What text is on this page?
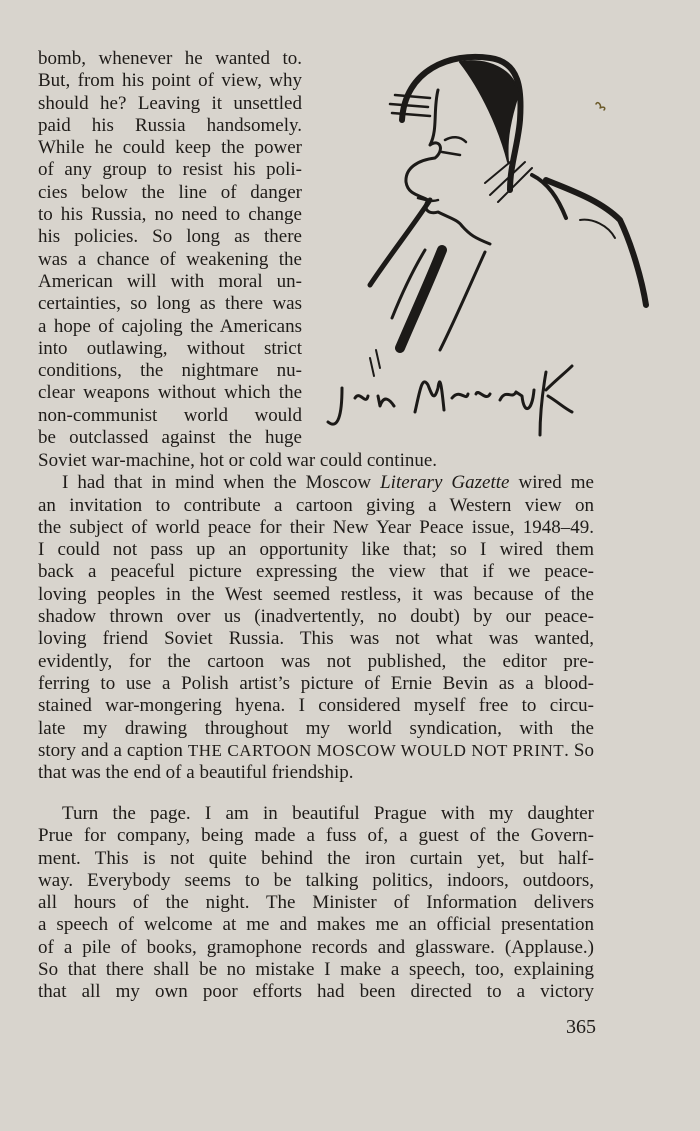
bomb, whenever he wanted to.
But, from his point of view, why
should he? Leaving it unsettled
paid his Russia handsomely.
While he could keep the power
of any group to resist his poli-
cies below the line of danger
to his Russia, no need to change
his policies. So long as there
was a chance of weakening the
American will with moral un-
certainties, so long as there was
a hope of cajoling the Americans
into outlawing, without strict
conditions, the nightmare nu-
clear weapons without which the
non-communist world would
be outclassed against the huge
Soviet war-machine, hot or cold war could continue.
I had that in mind when the Moscow Literary Gazette wired me
an invitation to contribute a cartoon giving a Western view on
the subject of world peace for their New Year Peace issue, 1948–49.
I could not pass up an opportunity like that; so I wired them
back a peaceful picture expressing the view that if we peace-
loving peoples in the West seemed restless, it was because of the
shadow thrown over us (inadvertently, no doubt) by our peace-
loving friend Soviet Russia. This was not what was wanted,
evidently, for the cartoon was not published, the editor pre-
ferring to use a Polish artist’s picture of Ernie Bevin as a blood-
stained war-mongering hyena. I considered myself free to circu-
late my drawing throughout my world syndication, with the
story and a caption THE CARTOON MOSCOW WOULD NOT PRINT. So
that was the end of a beautiful friendship.
Turn the page. I am in beautiful Prague with my daughter
Prue for company, being made a fuss of, a guest of the Govern-
ment. This is not quite behind the iron curtain yet, but half-
way. Everybody seems to be talking politics, indoors, outdoors,
all hours of the night. The Minister of Information delivers
a speech of welcome at me and makes me an official presentation
of a pile of books, gramophone records and glassware. (Applause.)
So that there shall be no mistake I make a speech, too, explaining
that all my own poor efforts had been directed to a victory
365
